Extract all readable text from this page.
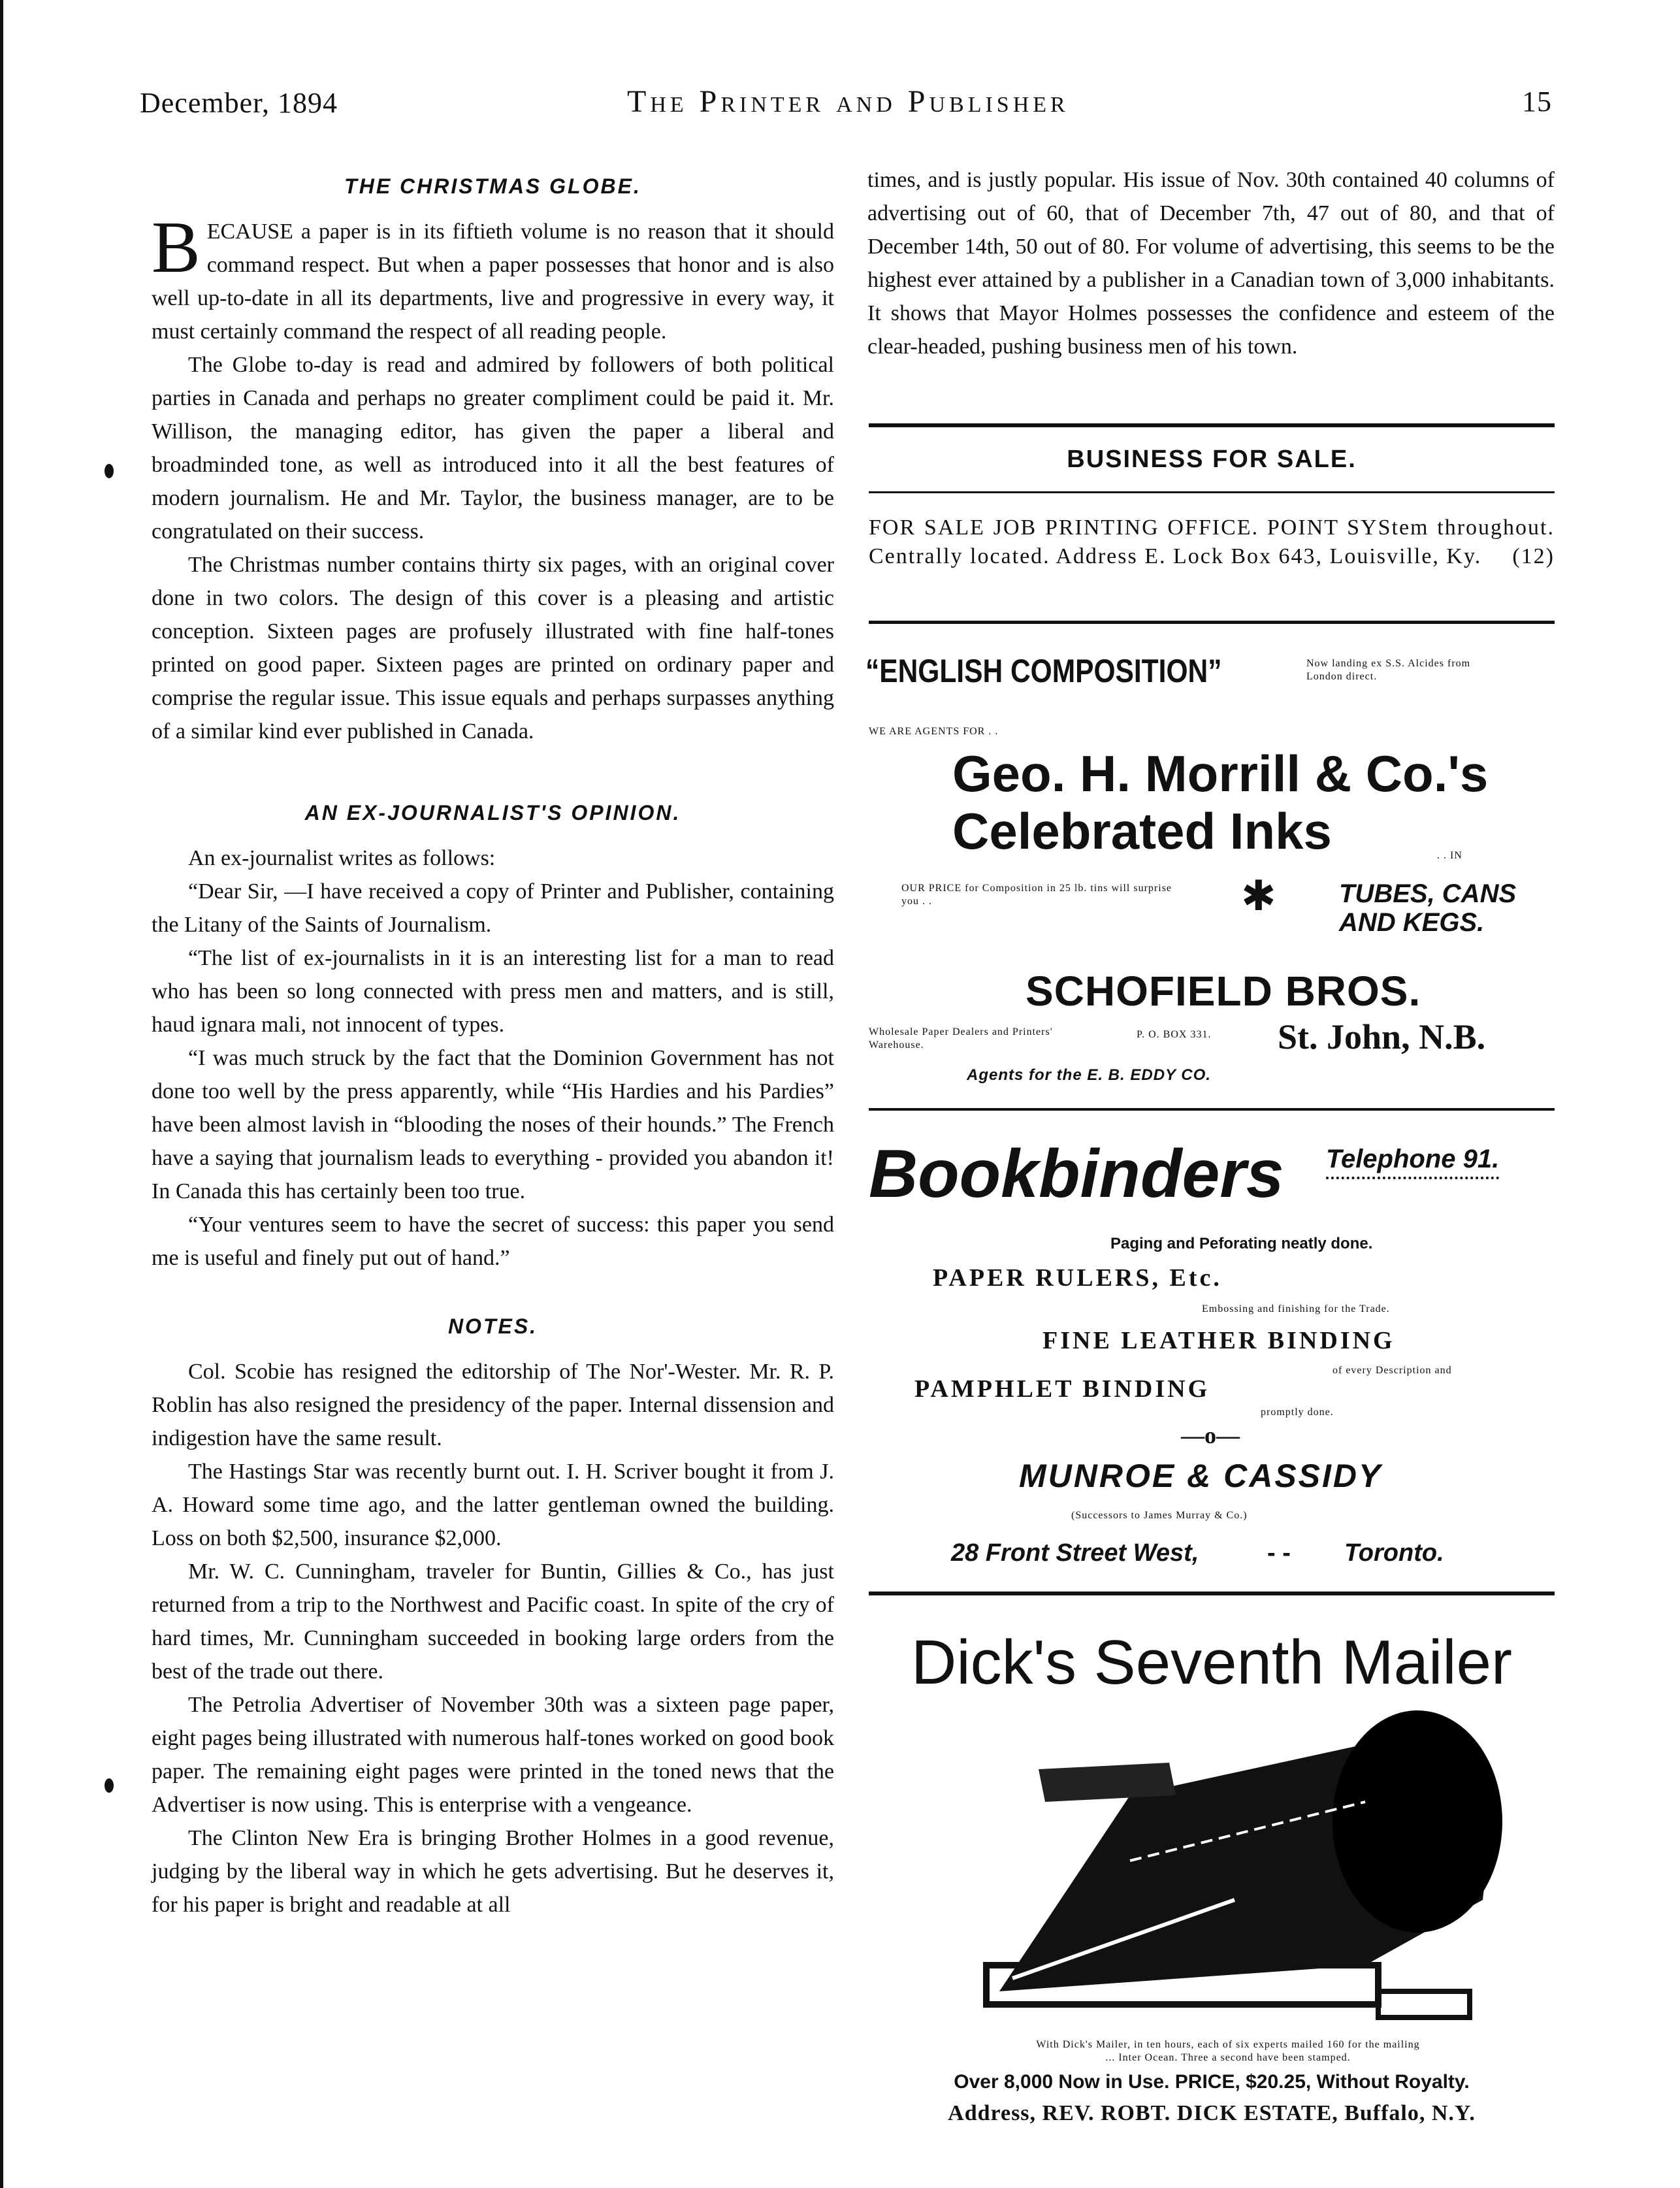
December, 1894	The Printer and Publisher	15
THE CHRISTMAS GLOBE.

BECAUSE a paper is in its fiftieth volume is no reason that it should command respect. But when a paper possesses that honor and is also well up-to-date in all its departments, live and progressive in every way, it must certainly command the respect of all reading people.

The Globe to-day is read and admired by followers of both political parties in Canada and perhaps no greater compliment could be paid it. Mr. Willison, the managing editor, has given the paper a liberal and broadminded tone, as well as introduced into it all the best features of modern journalism. He and Mr. Taylor, the business manager, are to be congratulated on their success.

The Christmas number contains thirty six pages, with an original cover done in two colors. The design of this cover is a pleasing and artistic conception. Sixteen pages are profusely illustrated with fine half-tones printed on good paper. Sixteen pages are printed on ordinary paper and comprise the regular issue. This issue equals and perhaps surpasses anything of a similar kind ever published in Canada.

AN EX-JOURNALIST'S OPINION.

An ex-journalist writes as follows:

“Dear Sir, —I have received a copy of Printer and Publisher, containing the Litany of the Saints of Journalism.

“The list of ex-journalists in it is an interesting list for a man to read who has been so long connected with press men and matters, and is still, haud ignara mali, not innocent of types.

“I was much struck by the fact that the Dominion Government has not done too well by the press apparently, while “His Hardies and his Pardies” have been almost lavish in “blooding the noses of their hounds.” The French have a saying that journalism leads to everything - provided you abandon it! In Canada this has certainly been too true.

“Your ventures seem to have the secret of success: this paper you send me is useful and finely put out of hand.”

NOTES.

Col. Scobie has resigned the editorship of The Nor'-Wester. Mr. R. P. Roblin has also resigned the presidency of the paper. Internal dissension and indigestion have the same result.

The Hastings Star was recently burnt out. I. H. Scriver bought it from J. A. Howard some time ago, and the latter gentleman owned the building. Loss on both $2,500, insurance $2,000.

Mr. W. C. Cunningham, traveler for Buntin, Gillies & Co., has just returned from a trip to the Northwest and Pacific coast. In spite of the cry of hard times, Mr. Cunningham succeeded in booking large orders from the best of the trade out there.

The Petrolia Advertiser of November 30th was a sixteen page paper, eight pages being illustrated with numerous half-tones worked on good book paper. The remaining eight pages were printed in the toned news that the Advertiser is now using. This is enterprise with a vengeance.

The Clinton New Era is bringing Brother Holmes in a good revenue, judging by the liberal way in which he gets advertising. But he deserves it, for his paper is bright and readable at all

times, and is justly popular. His issue of Nov. 30th contained 40 columns of advertising out of 60, that of December 7th, 47 out of 80, and that of December 14th, 50 out of 80. For volume of advertising, this seems to be the highest ever attained by a publisher in a Canadian town of 3,000 inhabitants. It shows that Mayor Holmes possesses the confidence and esteem of the clear-headed, pushing business men of his town.

BUSINESS FOR SALE.
FOR SALE JOB PRINTING OFFICE. POINT SYStem throughout. Centrally located. Address E. Lock Box 643, Louisville, Ky. (12)
“ENGLISH COMPOSITION”	Now landing ex S.S. Alcides from London direct.
WE ARE AGENTS FOR . .
Geo. H. Morrill & Co.'s
Celebrated Inks	. . IN
OUR PRICE for Composition in 25 lb. tins will surprise you . .	✱ TUBES, CANS
AND KEGS.
SCHOFIELD BROS.
Wholesale Paper Dealers and Printers' Warehouse.
P. O. BOX 331. St. John, N.B.
Agents for the E. B. EDDY CO.
Bookbinders Telephone 91.
Paging and Peforating neatly done.
PAPER RULERS, Etc.
Embossing and finishing for the Trade.
FINE LEATHER BINDING
of every Description and
PAMPHLET BINDING
promptly done.
—o—
MUNROE & CASSIDY
(Successors to James Murray & Co.)
28 Front Street West,	- - Toronto.
Dick's Seventh Mailer
With Dick's Mailer, in ten hours, each of six experts mailed 160 for the mailing
... Inter Ocean. Three a second have been stamped.
Over 8,000 Now in Use. PRICE, $20.25, Without Royalty.
Address, REV. ROBT. DICK ESTATE, Buffalo, N.Y.
